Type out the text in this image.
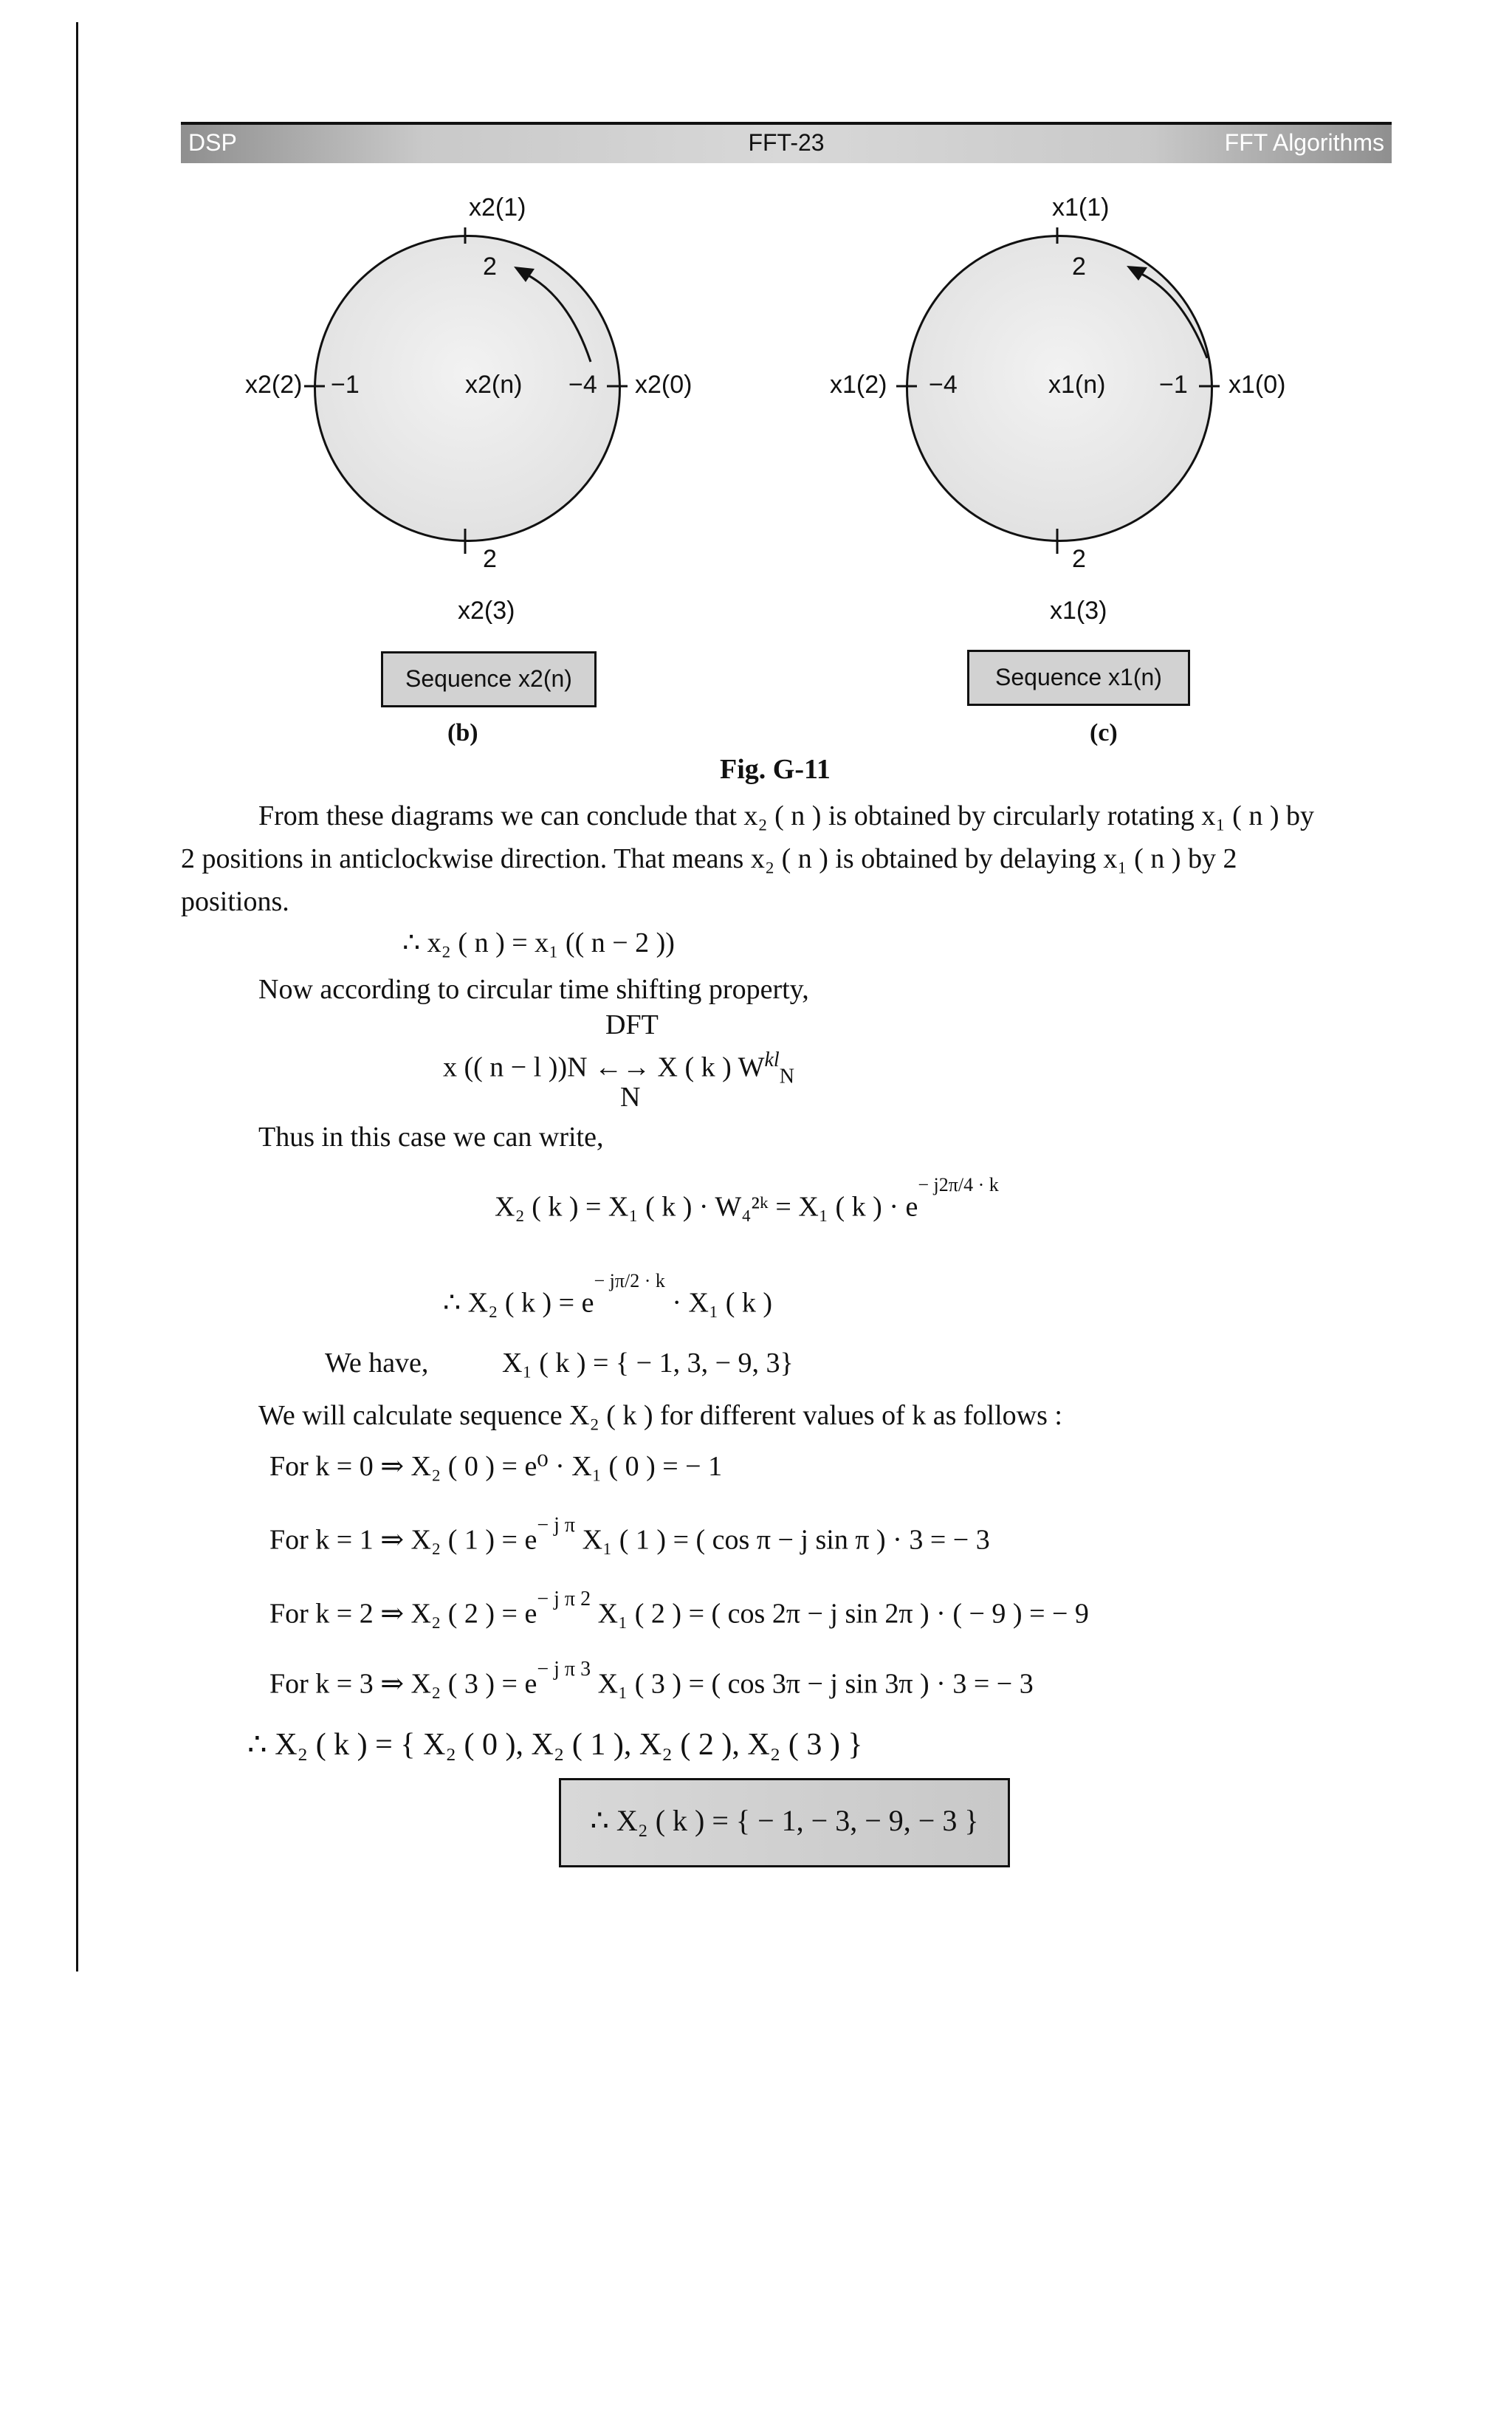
DSP	FFT-23	FFT Algorithms
x2(1)
2
x2(2) −1	x2(n) −4 x2(0)
2
x2(3)
Sequence x2(n)
(b)
x1(1)
2
x1(2) −4	x1(n) −1 x1(0)
2
x1(3)
Sequence x1(n)
(c)
Fig. G-11
From these diagrams we can conclude that x₂ ( n ) is obtained by circularly rotating x₁ ( n ) by
2 positions in anticlockwise direction. That means x₂ ( n ) is obtained by delaying x₁ ( n ) by 2
positions.
∴ x₂ ( n ) = x₁ (( n − 2 ))
Now according to circular time shifting property,
DFT
x (( n − l ))N ←→ X ( k ) $W^{kl}_N$
N
Thus in this case we can write,
X₂ ( k ) = X₁ ( k ) · W₄²ᵏ = X₁ ( k ) · $e^{- j2\pi/4 \cdot k}$
∴ X₂ ( k ) = $e^{- j\pi/2 \cdot k} \cdot X_1$ ( k )
We have,	X₁ ( k ) = { − 1, 3, − 9, 3}
We will calculate sequence X₂ ( k ) for different values of k as follows :
For k = 0 ⇒ X₂ ( 0 ) = e⁰ · X₁ ( 0 ) = − 1
For k = 1 ⇒ X₂ ( 1 ) = $e^{- j \pi}$ X₁ ( 1 ) = ( cos π − j sin π ) · 3 = − 3
For k = 2 ⇒ X₂ ( 2 ) = $e^{- j \pi 2}$ X₁ ( 2 ) = ( cos 2π − j sin 2π ) · ( − 9 ) = − 9
For k = 3 ⇒ X₂ ( 3 ) = $e^{- j \pi 3}$ X₁ ( 3 ) = ( cos 3π − j sin 3π ) · 3 = − 3
∴ X₂ ( k ) = { X₂ ( 0 ), X₂ ( 1 ), X₂ ( 2 ), X₂ ( 3 ) }
∴ X₂ ( k ) = { − 1, − 3, − 9, − 3 }
